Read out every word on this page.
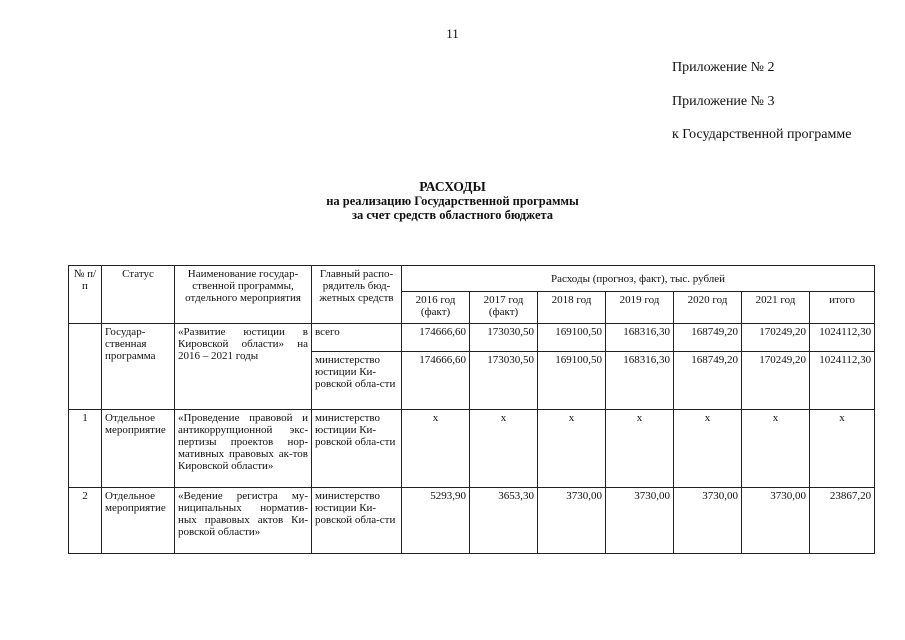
11
Приложение № 2
Приложение № 3
к Государственной программе
РАСХОДЫ
на реализацию Государственной программы
за счет средств областного бюджета
№ п/п	Статус	Наименование государ-ственной программы, отдельного мероприятия	Главный распо-рядитель бюд-жетных средств	Расходы (прогноз, факт), тыс. рублей						
				2016 год (факт)	2017 год (факт)	2018 год	2019 год	2020 год	2021 год	итого
	Государ-ственная программа	«Развитие юстиции в Кировской области» на 2016 – 2021 годы	всего	174666,60	173030,50	169100,50	168316,30	168749,20	170249,20	1024112,30
			министерство юстиции Ки-ровской обла-сти	174666,60	173030,50	169100,50	168316,30	168749,20	170249,20	1024112,30
1	Отдельное мероприятие	«Проведение правовой и антикоррупционной экс-пертизы проектов нор-мативных правовых ак-тов Кировской области»	министерство юстиции Ки-ровской обла-сти	х	х	х	х	х	х	х
2	Отдельное мероприятие	«Ведение регистра му-ниципальных норматив-ных правовых актов Ки-ровской области»	министерство юстиции Ки-ровской обла-сти	5293,90	3653,30	3730,00	3730,00	3730,00	3730,00	23867,20
